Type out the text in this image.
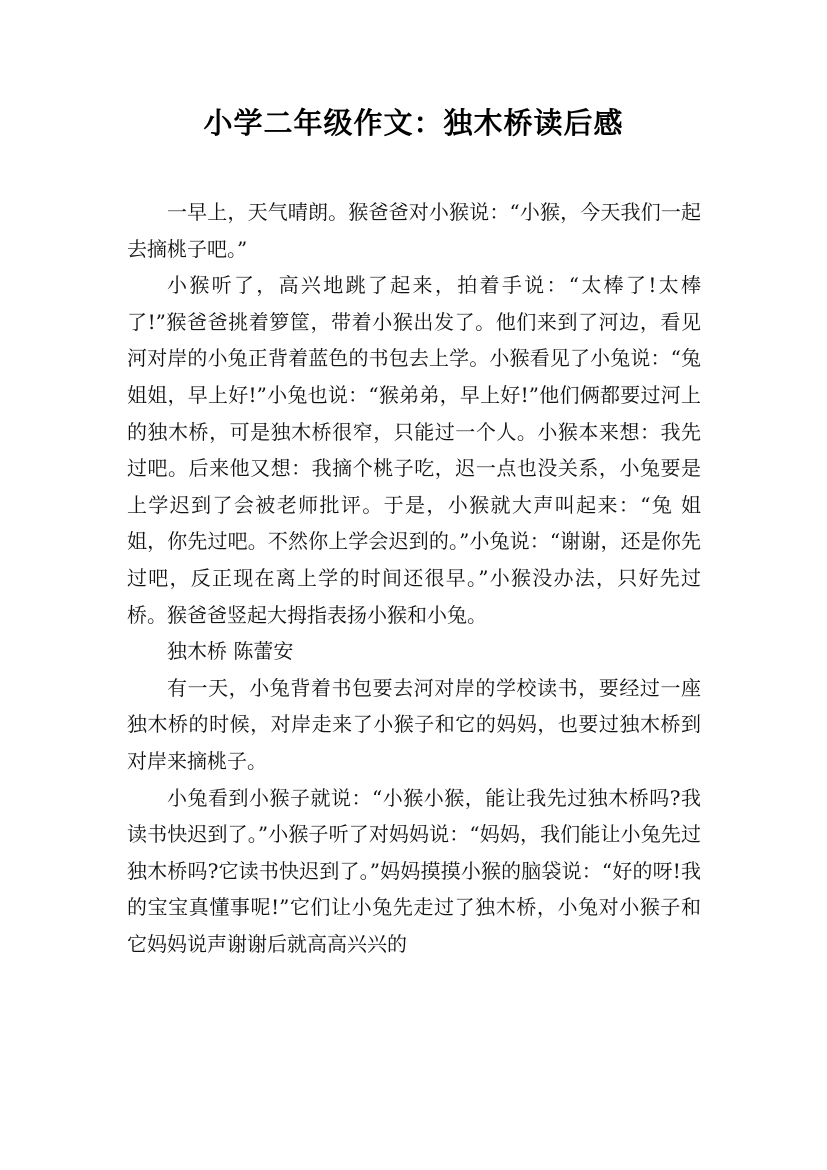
小学二年级作文：独木桥读后感

一早上，天气晴朗。猴爸爸对小猴说：“小猴，今天我们一起去摘桃子吧。”

小猴听了，高兴地跳了起来，拍着手说：“太棒了!太棒了!”猴爸爸挑着箩筐，带着小猴出发了。他们来到了河边，看见河对岸的小兔正背着蓝色的书包去上学。小猴看见了小兔说：“兔姐姐，早上好!”小兔也说：“猴弟弟，早上好!”他们俩都要过河上的独木桥，可是独木桥很窄，只能过一个人。小猴本来想：我先过吧。后来他又想：我摘个桃子吃，迟一点也没关系，小兔要是上学迟到了会被老师批评。于是，小猴就大声叫起来：“兔 姐姐，你先过吧。不然你上学会迟到的。”小兔说：“谢谢，还是你先过吧，反正现在离上学的时间还很早。”小猴没办法，只好先过桥。猴爸爸竖起大拇指表扬小猴和小兔。

独木桥 陈蕾安

有一天，小兔背着书包要去河对岸的学校读书，要经过一座独木桥的时候，对岸走来了小猴子和它的妈妈，也要过独木桥到对岸来摘桃子。

小兔看到小猴子就说：“小猴小猴，能让我先过独木桥吗?我读书快迟到了。”小猴子听了对妈妈说：“妈妈，我们能让小兔先过独木桥吗?它读书快迟到了。”妈妈摸摸小猴的脑袋说：“好的呀!我的宝宝真懂事呢!”它们让小兔先走过了独木桥，小兔对小猴子和它妈妈说声谢谢后就高高兴兴的
